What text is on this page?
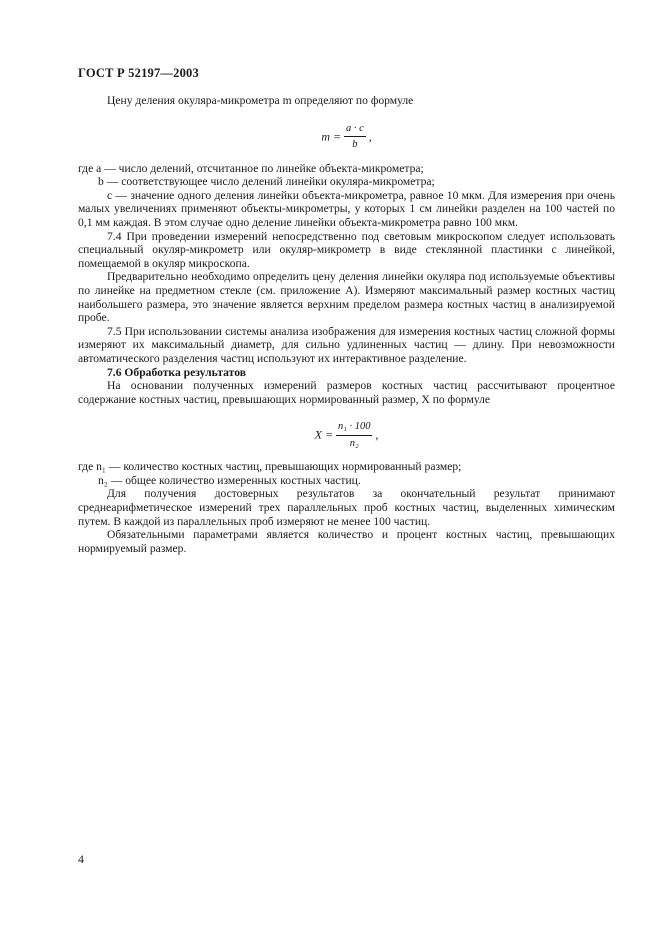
ГОСТ Р 52197—2003

Цену деления окуляра-микрометра m определяют по формуле

$m = \frac{a \cdot c}{b}$ ,

где a — число делений, отсчитанное по линейке объекта-микрометра;

b — соответствующее число делений линейки окуляра-микрометра;

c — значение одного деления линейки объекта-микрометра, равное 10 мкм. Для измерения при очень малых увеличениях применяют объекты-микрометры, у которых 1 см линейки разделен на 100 частей по 0,1 мм каждая. В этом случае одно деление линейки объекта-микрометра равно 100 мкм.

7.4 При проведении измерений непосредственно под световым микроскопом следует использовать специальный окуляр-микрометр или окуляр-микрометр в виде стеклянной пластинки с линейкой, помещаемой в окуляр микроскопа.

Предварительно необходимо определить цену деления линейки окуляра под используемые объективы по линейке на предметном стекле (см. приложение А). Измеряют максимальный размер костных частиц наибольшего размера, это значение является верхним пределом размера костных частиц в анализируемой пробе.

7.5 При использовании системы анализа изображения для измерения костных частиц сложной формы измеряют их максимальный диаметр, для сильно удлиненных частиц — длину. При невозможности автоматического разделения частиц используют их интерактивное разделение.

7.6 Обработка результатов

На основании полученных измерений размеров костных частиц рассчитывают процентное содержание костных частиц, превышающих нормированный размер, X по формуле

$X = \frac{\text{n₁ · 100}}{\text{n₂}}$ ,

где n₁ — количество костных частиц, превышающих нормированный размер;

n₂ — общее количество измеренных костных частиц.

Для получения достоверных результатов за окончательный результат принимают среднеарифметическое измерений трех параллельных проб костных частиц, выделенных химическим путем. В каждой из параллельных проб измеряют не менее 100 частиц.

Обязательными параметрами является количество и процент костных частиц, превышающих нормируемый размер.

4
